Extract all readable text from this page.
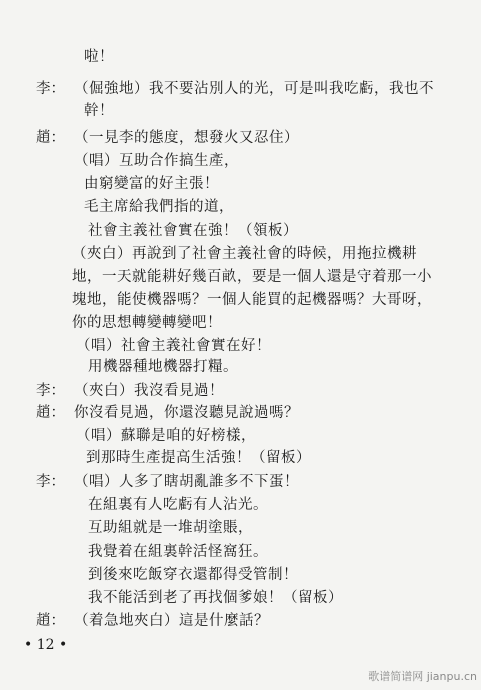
啦！
李： （倔強地）我不要沾別人的光，可是叫我吃虧，我也不
幹！
趙： （一見李的態度，想發火又忍住）
（唱）互助合作搞生產，
由窮變富的好主張！
毛主席給我們指的道，
社會主義社會實在強！（領板）
（夾白）再說到了社會主義社會的時候，用拖拉機耕
地，一天就能耕好幾百畝，要是一個人還是守着那一小
塊地，能使機器嗎？一個人能買的起機器嗎？大哥呀，
你的思想轉變轉變吧！
（唱）社會主義社會實在好！
用機器種地機器打糧。
李： （夾白）我沒看見過！
趙： 你沒看見過，你還沒聽見說過嗎？
（唱）蘇聯是咱的好榜樣，
到那時生產提高生活強！（留板）
李： （唱）人多了瞎胡亂誰多不下蛋！
在組裏有人吃虧有人沾光。
互助組就是一堆胡塗賬，
我覺着在組裏幹活怪窩狂。
到後來吃飯穿衣還都得受管制！
我不能活到老了再找個爹娘！（留板）
趙： （着急地夾白）這是什麼話？
• 12 •
歌谱简谱网 jianpu.cn
